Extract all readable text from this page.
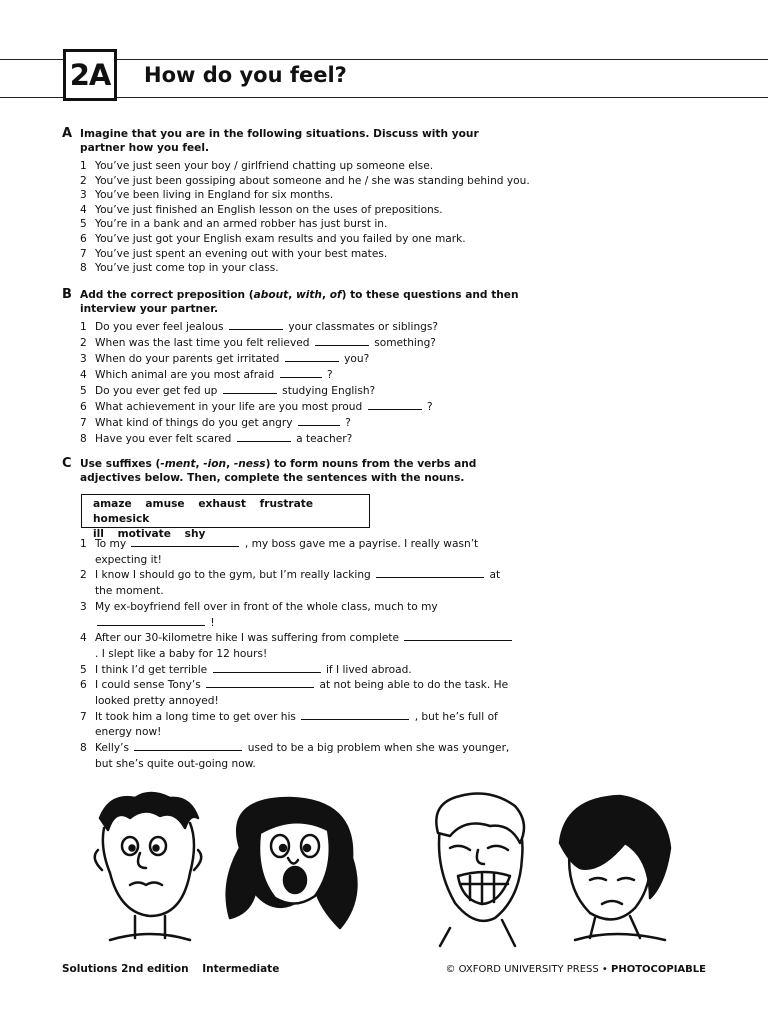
2A	How do you feel?
A Imagine that you are in the following situations. Discuss with your partner how you feel.
1 You’ve just seen your boy / girlfriend chatting up someone else.
2 You’ve just been gossiping about someone and he / she was standing behind you.
3 You’ve been living in England for six months.
4 You’ve just finished an English lesson on the uses of prepositions.
5 You’re in a bank and an armed robber has just burst in.
6 You’ve just got your English exam results and you failed by one mark.
7 You’ve just spent an evening out with your best mates.
8 You’ve just come top in your class.
B Add the correct preposition (about, with, of) to these questions and then interview your partner.
1 Do you ever feel jealous	your classmates or siblings?
2 When was the last time you felt relieved	something?
3 When do your parents get irritated	you?
4 Which animal are you most afraid	?
5 Do you ever get fed up	studying English?
6 What achievement in your life are you most proud	?
7 What kind of things do you get angry	?
8 Have you ever felt scared	a teacher?
C Use suffixes (-ment, -ion, -ness) to form nouns from the verbs and adjectives below. Then, complete the sentences with the nouns.
amaze amuse exhaust frustrate homesick
ill motivate shy
1 To my	, my boss gave me a payrise. I really wasn’t expecting it!
2 I know I should go to the gym, but I’m really lacking	at the moment.
3 My ex-boyfriend fell over in front of the whole class, much to my  !
4 After our 30-kilometre hike I was suffering from complete  . I slept like a baby for 12 hours!
5 I think I’d get terrible	if I lived abroad.
6 I could sense Tony’s	at not being able to do the task. He looked pretty annoyed!
7 It took him a long time to get over his	, but he’s full of energy now!
8 Kelly’s	used to be a big problem when she was younger, but she’s quite out-going now.
Solutions 2nd edition Intermediate	© OXFORD UNIVERSITY PRESS • PHOTOCOPIABLE
